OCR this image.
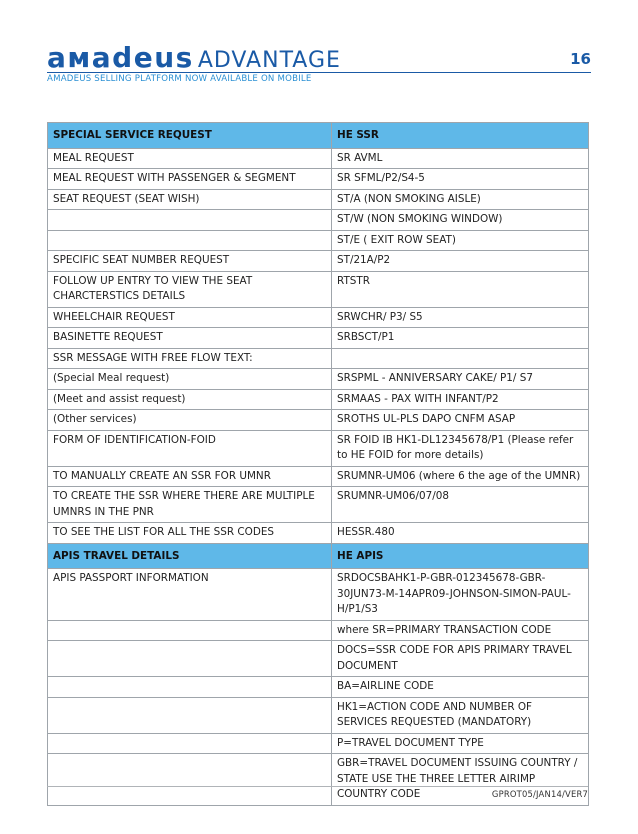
aмadeus ADVANTAGE	16
AMADEUS SELLING PLATFORM NOW AVAILABLE ON MOBILE
SPECIAL SERVICE REQUEST	HE SSR
MEAL REQUEST	SR AVML
MEAL REQUEST WITH PASSENGER & SEGMENT	SR SFML/P2/S4-5
SEAT REQUEST (SEAT WISH)	ST/A (NON SMOKING AISLE)
	ST/W (NON SMOKING WINDOW)
	ST/E ( EXIT ROW SEAT)
SPECIFIC SEAT NUMBER REQUEST	ST/21A/P2
FOLLOW UP ENTRY TO VIEW THE SEAT CHARCTERSTICS DETAILS	RTSTR
WHEELCHAIR REQUEST	SRWCHR/ P3/ S5
BASINETTE REQUEST	SRBSCT/P1
SSR MESSAGE WITH FREE FLOW TEXT:	
(Special Meal request)	SRSPML - ANNIVERSARY CAKE/ P1/ S7
(Meet and assist request)	SRMAAS - PAX WITH INFANT/P2
(Other services)	SROTHS UL-PLS DAPO CNFM ASAP
FORM OF IDENTIFICATION-FOID	SR FOID IB HK1-DL12345678/P1 (Please refer to HE FOID for more details)
TO MANUALLY CREATE AN SSR FOR UMNR	SRUMNR-UM06 (where 6 the age of the UMNR)
TO CREATE THE SSR WHERE THERE ARE MULTIPLE UMNRS IN THE PNR	SRUMNR-UM06/07/08
TO SEE THE LIST FOR ALL THE SSR CODES	HESSR.480
APIS TRAVEL DETAILS	HE APIS
APIS PASSPORT INFORMATION	SRDOCSBAHK1-P-GBR-012345678-GBR-30JUN73-M-14APR09-JOHNSON-SIMON-PAUL-H/P1/S3
	where SR=PRIMARY TRANSACTION CODE
	DOCS=SSR CODE FOR APIS PRIMARY TRAVEL DOCUMENT
	BA=AIRLINE CODE
	HK1=ACTION CODE AND NUMBER OF SERVICES REQUESTED (MANDATORY)
	P=TRAVEL DOCUMENT TYPE
	GBR=TRAVEL DOCUMENT ISSUING COUNTRY / STATE USE THE THREE LETTER AIRIMP COUNTRY CODE	GPROT05/JAN14/VER7
